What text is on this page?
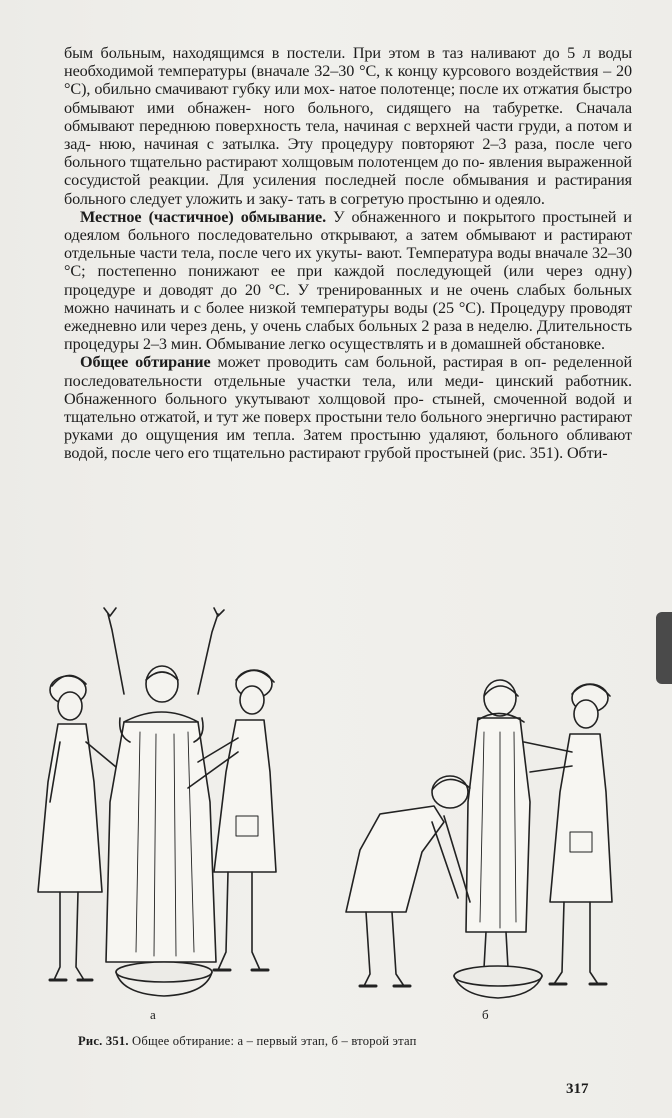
бым больным, находящимся в постели. При этом в таз наливают до 5 л воды необходимой температуры (вначале 32–30 °С, к концу курсового воздействия – 20 °С), обильно смачивают губку или мох- натое полотенце; после их отжатия быстро обмывают ими обнажен- ного больного, сидящего на табуретке. Сначала обмывают переднюю поверхность тела, начиная с верхней части груди, а потом и зад- нюю, начиная с затылка. Эту процедуру повторяют 2–3 раза, после чего больного тщательно растирают холщовым полотенцем до по- явления выраженной сосудистой реакции. Для усиления последней после обмывания и растирания больного следует уложить и заку- тать в согретую простыню и одеяло.

Местное (частичное) обмывание. У обнаженного и покрытого простыней и одеялом больного последовательно открывают, а затем обмывают и растирают отдельные части тела, после чего их укуты- вают. Температура воды вначале 32–30 °С; постепенно понижают ее при каждой последующей (или через одну) процедуре и доводят до 20 °С. У тренированных и не очень слабых больных можно начинать и с более низкой температуры воды (25 °С). Процедуру проводят ежедневно или через день, у очень слабых больных 2 раза в неделю. Длительность процедуры 2–3 мин. Обмывание легко осуществлять и в домашней обстановке.

Общее обтирание может проводить сам больной, растирая в оп- ределенной последовательности отдельные участки тела, или меди- цинский работник. Обнаженного больного укутывают холщовой про- стыней, смоченной водой и тщательно отжатой, и тут же поверх простыни тело больного энергично растирают руками до ощущения им тепла. Затем простыню удаляют, больного обливают водой, после чего его тщательно растирают грубой простыней (рис. 351). Обти-

а	б
Рис. 351. Общее обтирание: а – первый этап, б – второй этап
317
